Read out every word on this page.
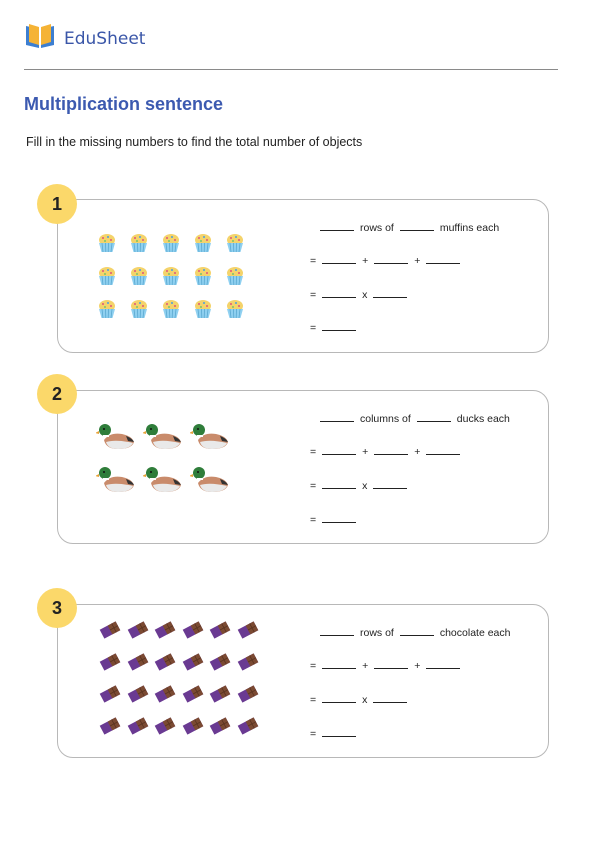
EduSheet
Multiplication sentence
Fill in the missing numbers to find the total number of objects
1
rows of	muffins each
=	+	+
=	x
=
2
columns of	ducks each
=	+	+
=	x
=
3
rows of	chocolate each
=	+	+
=	x
=
